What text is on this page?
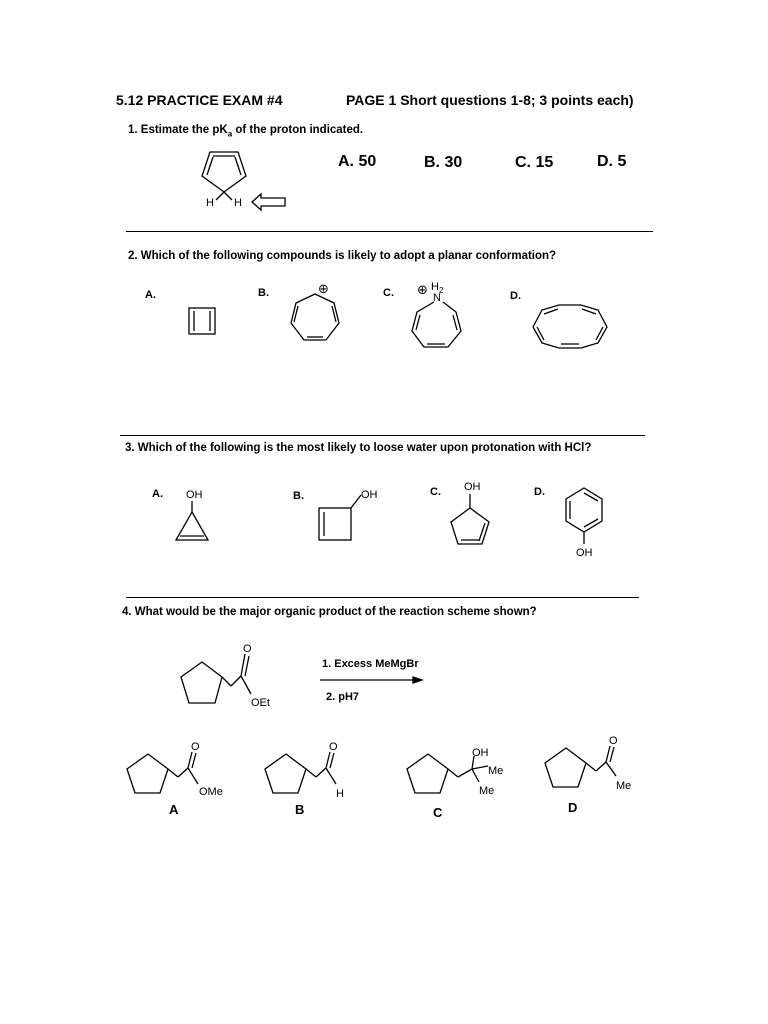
5.12 PRACTICE EXAM #4	PAGE 1 Short questions 1-8; 3 points each)
1. Estimate the $pK_a$ of the proton indicated.
H H
A. 50	B. 30	C. 15	D. 5
2. Which of the following compounds is likely to adopt a planar conformation?
A.	B.	C.	D.
⊕	⊕ $H_2$
N
3. Which of the following is the most likely to loose water upon protonation with HCl?
A.	B.	C.	D.
OH	OH
OH
OH
4. What would be the major organic product of the reaction scheme shown?
O
OEt
1. Excess MeMgBr
2. pH7
O
OMe
A
O
H
B
OH
Me
Me
C
O
Me
D
